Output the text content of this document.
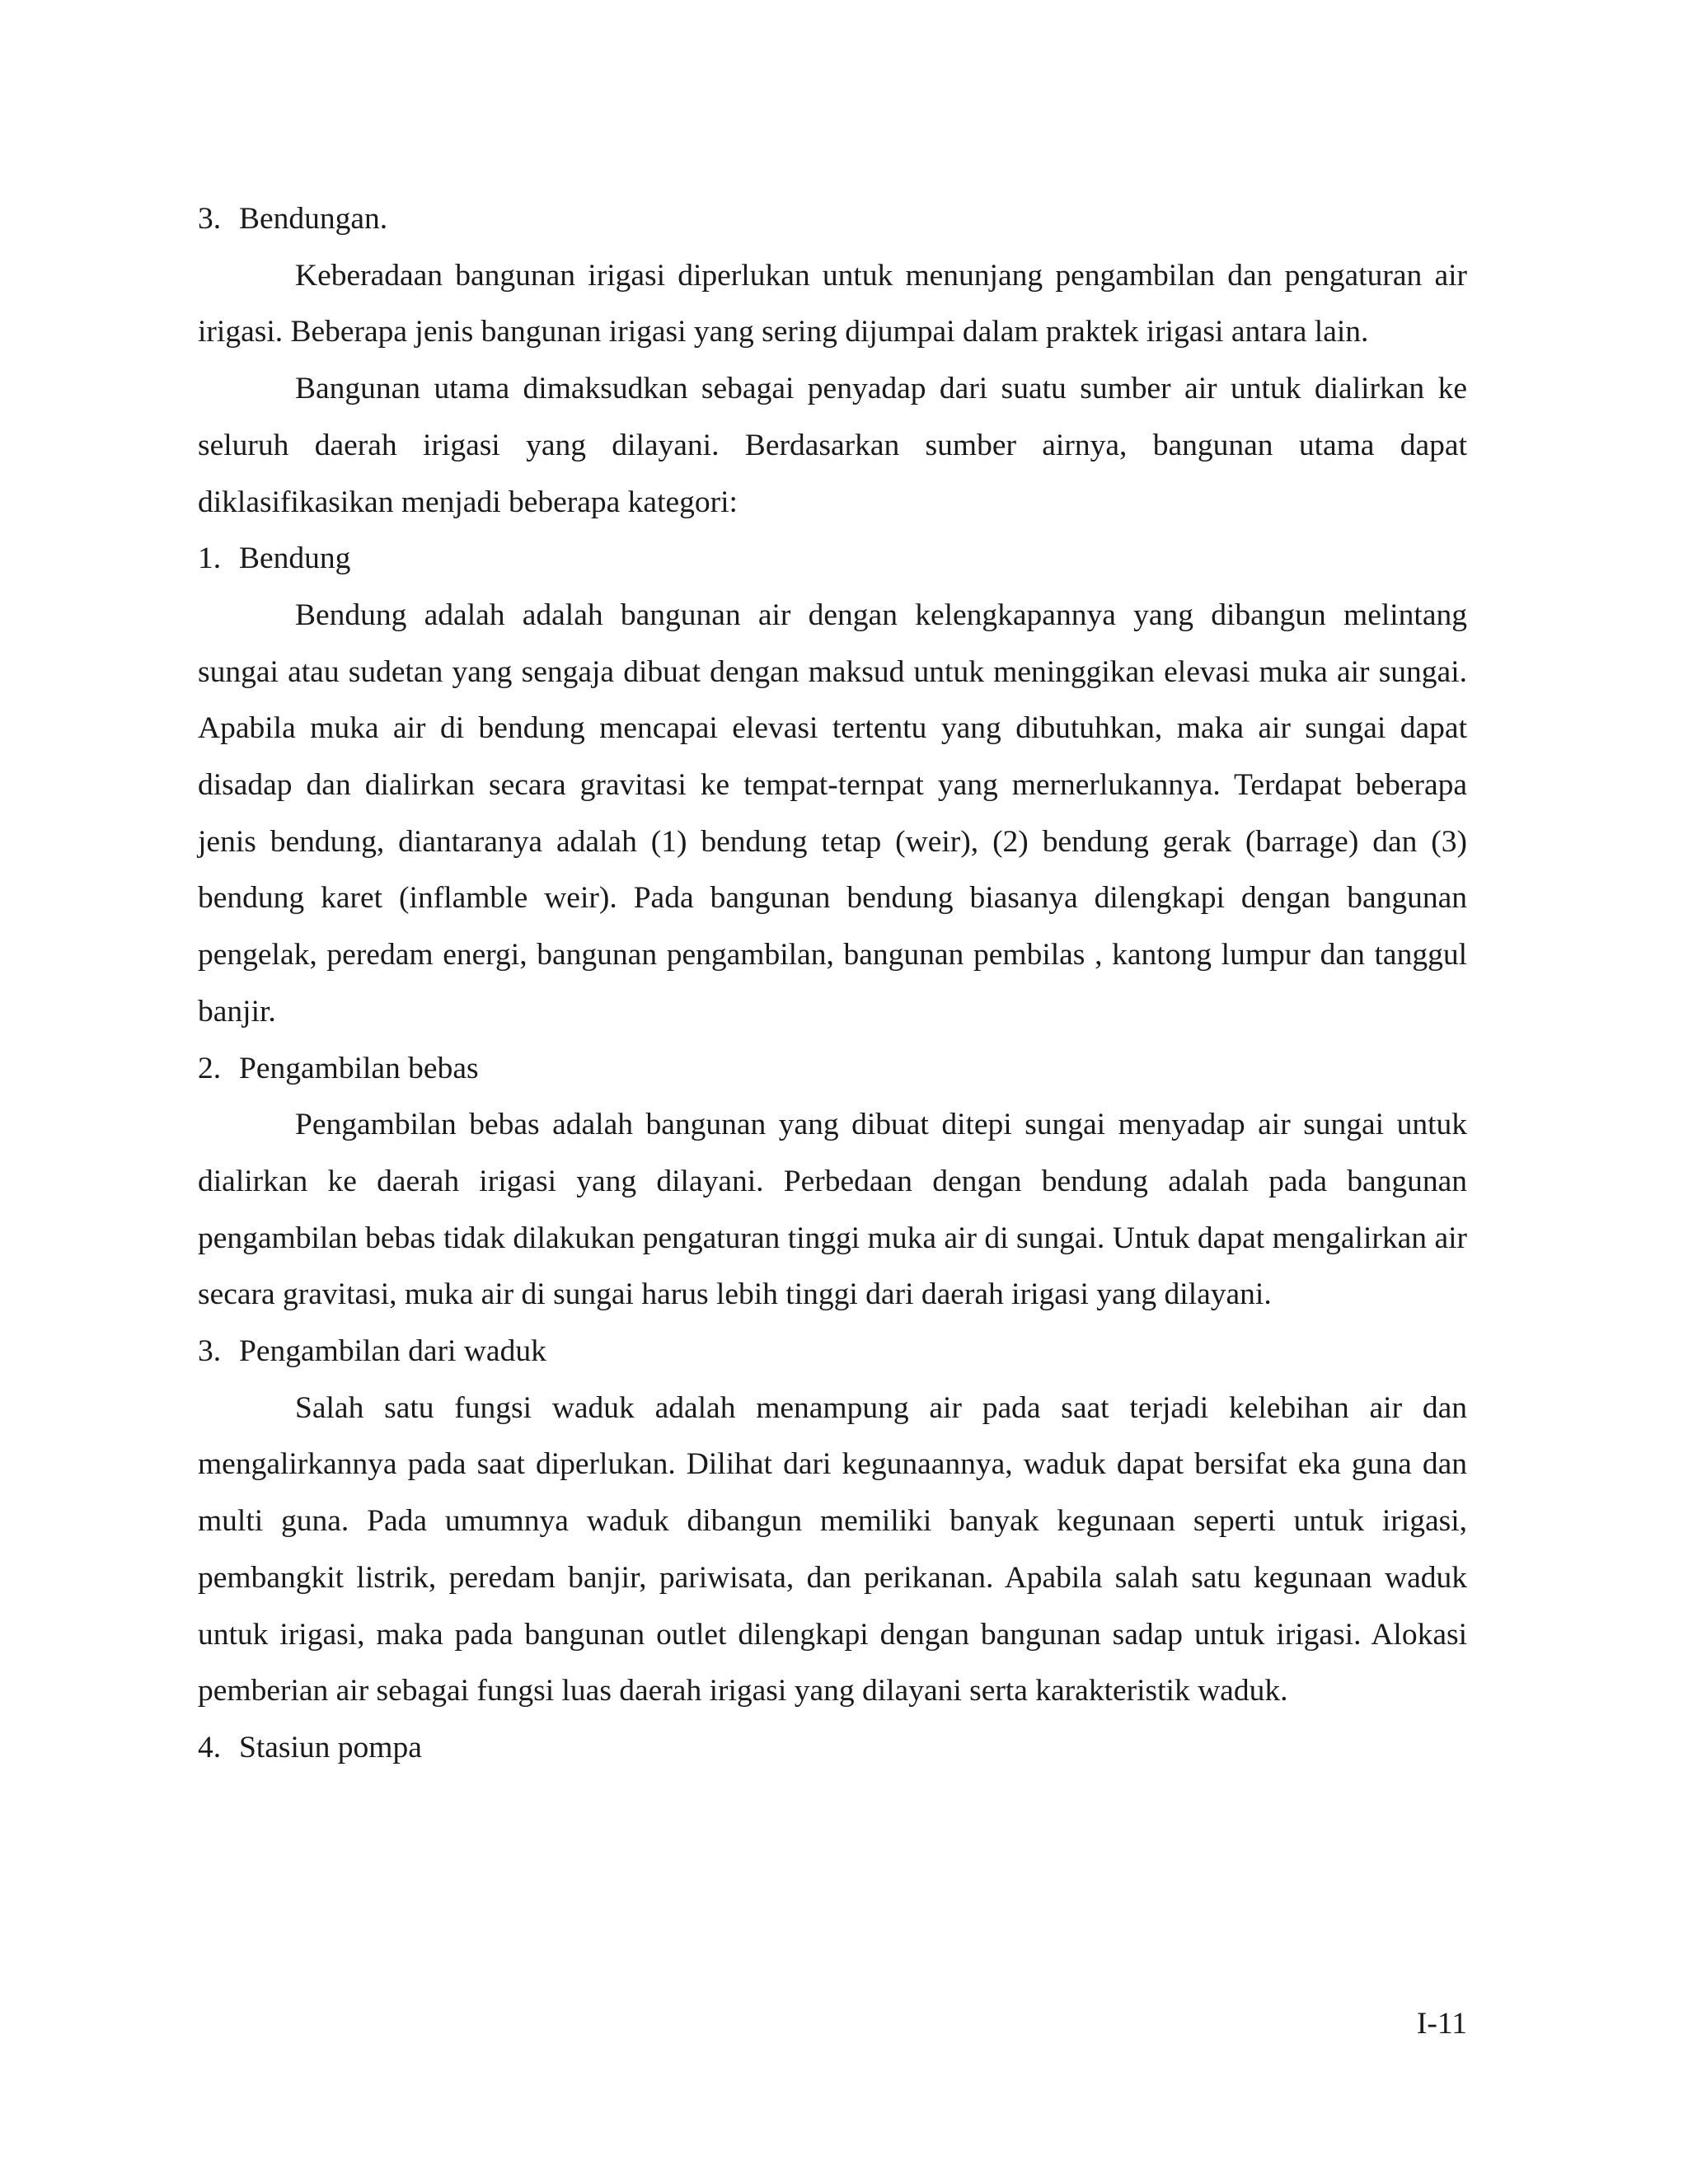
3. Bendungan.

Keberadaan bangunan irigasi diperlukan untuk menunjang pengambilan dan pengaturan air irigasi. Beberapa jenis bangunan irigasi yang sering dijumpai dalam praktek irigasi antara lain.

Bangunan utama dimaksudkan sebagai penyadap dari suatu sumber air untuk dialirkan ke seluruh daerah irigasi yang dilayani. Berdasarkan sumber airnya, bangunan utama dapat diklasifikasikan menjadi beberapa kategori:

1. Bendung

Bendung adalah adalah bangunan air dengan kelengkapannya yang dibangun melintang sungai atau sudetan yang sengaja dibuat dengan maksud untuk meninggikan elevasi muka air sungai. Apabila muka air di bendung mencapai elevasi tertentu yang dibutuhkan, maka air sungai dapat disadap dan dialirkan secara gravitasi ke tempat-ternpat yang mernerlukannya. Terdapat beberapa jenis bendung, diantaranya adalah (1) bendung tetap (weir), (2) bendung gerak (barrage) dan (3) bendung karet (inflamble weir). Pada bangunan bendung biasanya dilengkapi dengan bangunan pengelak, peredam energi, bangunan pengambilan, bangunan pembilas , kantong lumpur dan tanggul banjir.

2. Pengambilan bebas

Pengambilan bebas adalah bangunan yang dibuat ditepi sungai menyadap air sungai untuk dialirkan ke daerah irigasi yang dilayani. Perbedaan dengan bendung adalah pada bangunan pengambilan bebas tidak dilakukan pengaturan tinggi muka air di sungai. Untuk dapat mengalirkan air secara gravitasi, muka air di sungai harus lebih tinggi dari daerah irigasi yang dilayani.

3. Pengambilan dari waduk

Salah satu fungsi waduk adalah menampung air pada saat terjadi kelebihan air dan mengalirkannya pada saat diperlukan. Dilihat dari kegunaannya, waduk dapat bersifat eka guna dan multi guna. Pada umumnya waduk dibangun memiliki banyak kegunaan seperti untuk irigasi, pembangkit listrik, peredam banjir, pariwisata, dan perikanan. Apabila salah satu kegunaan waduk untuk irigasi, maka pada bangunan outlet dilengkapi dengan bangunan sadap untuk irigasi. Alokasi pemberian air sebagai fungsi luas daerah irigasi yang dilayani serta karakteristik waduk.

4. Stasiun pompa

I-11
